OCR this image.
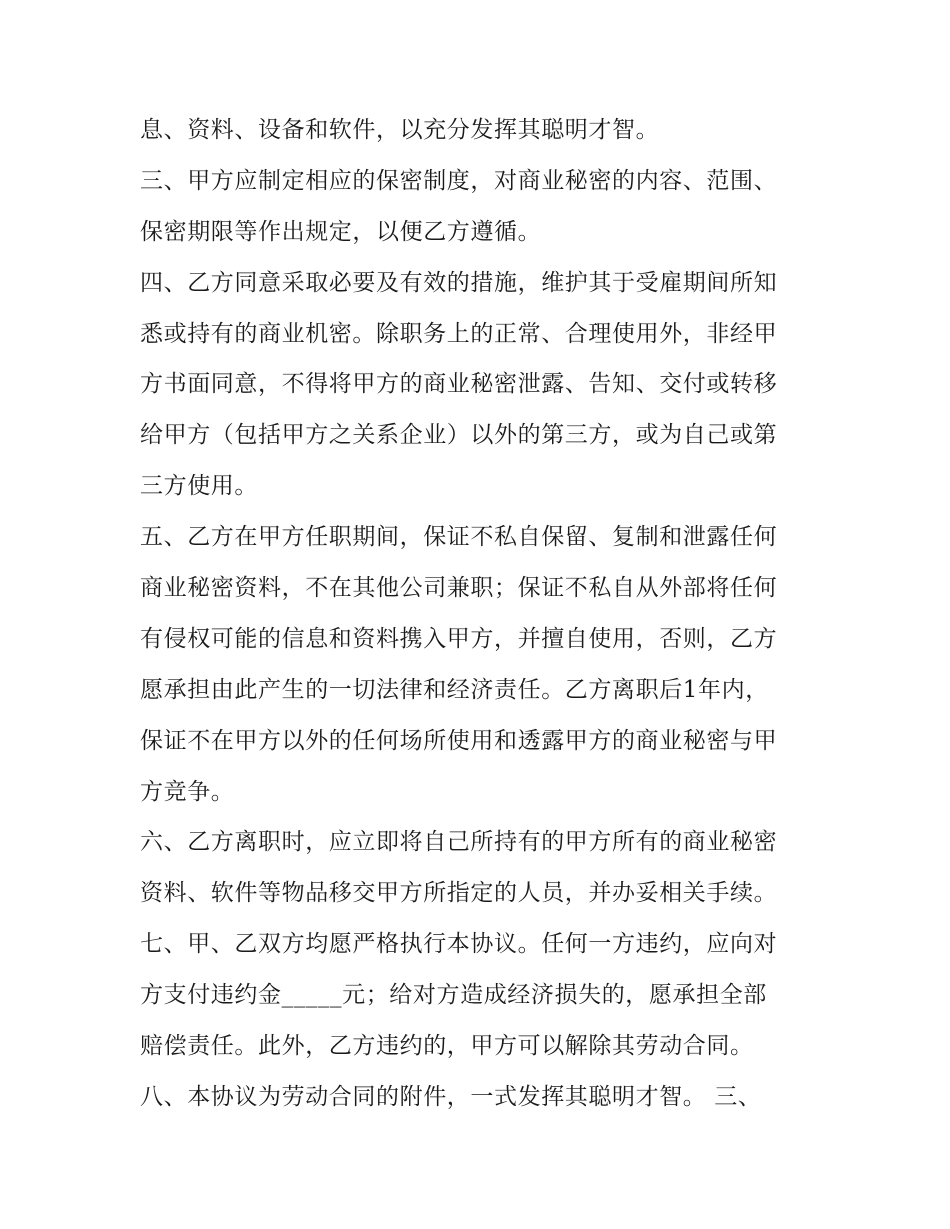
息、资料、设备和软件，以充分发挥其聪明才智。
三、甲方应制定相应的保密制度，对商业秘密的内容、范围、
保密期限等作出规定，以便乙方遵循。
四、乙方同意采取必要及有效的措施，维护其于受雇期间所知
悉或持有的商业机密。除职务上的正常、合理使用外，非经甲
方书面同意，不得将甲方的商业秘密泄露、告知、交付或转移
给甲方（包括甲方之关系企业）以外的第三方，或为自己或第
三方使用。
五、乙方在甲方任职期间，保证不私自保留、复制和泄露任何
商业秘密资料，不在其他公司兼职；保证不私自从外部将任何
有侵权可能的信息和资料携入甲方，并擅自使用，否则，乙方
愿承担由此产生的一切法律和经济责任。乙方离职后1年内，
保证不在甲方以外的任何场所使用和透露甲方的商业秘密与甲
方竞争。
六、乙方离职时，应立即将自己所持有的甲方所有的商业秘密
资料、软件等物品移交甲方所指定的人员，并办妥相关手续。
七、甲、乙双方均愿严格执行本协议。任何一方违约，应向对
方支付违约金_____元；给对方造成经济损失的，愿承担全部
赔偿责任。此外，乙方违约的，甲方可以解除其劳动合同。
八、本协议为劳动合同的附件，一式发挥其聪明才智。 三、
